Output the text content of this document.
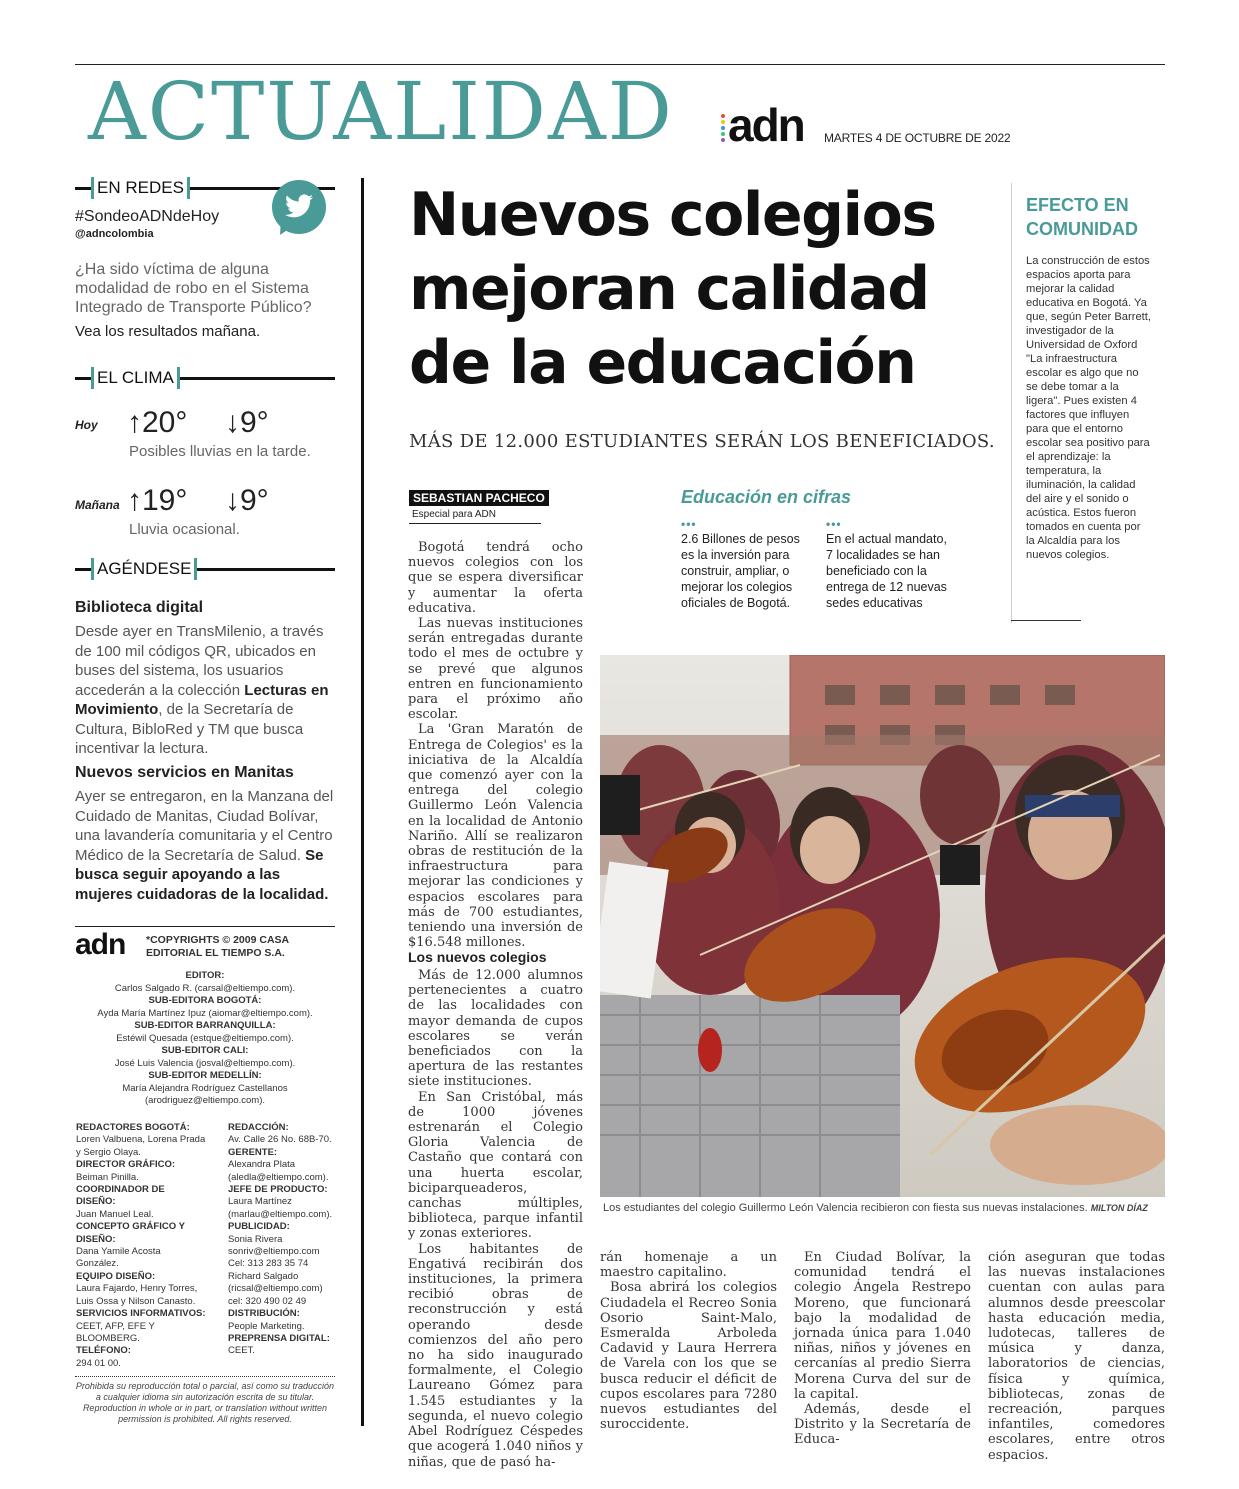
ACTUALIDAD adn MARTES 4 DE OCTUBRE DE 2022
EN REDES
#SondeoADNdeHoy
@adncolombia
¿Ha sido víctima de alguna modalidad de robo en el Sistema Integrado de Transporte Público?
Vea los resultados mañana.
EL CLIMA
Hoy ↑20° ↓9°
Posibles lluvias en la tarde.
Mañana ↑19° ↓9°
Lluvia ocasional.
AGÉNDESE
Biblioteca digital
Desde ayer en TransMilenio, a través de 100 mil códigos QR, ubicados en buses del sistema, los usuarios accederán a la colección Lecturas en Movimiento, de la Secretaría de Cultura, BibloRed y TM que busca incentivar la lectura.
Nuevos servicios en Manitas
Ayer se entregaron, en la Manzana del Cuidado de Manitas, Ciudad Bolívar, una lavandería comunitaria y el Centro Médico de la Secretaría de Salud. Se busca seguir apoyando a las mujeres cuidadoras de la localidad.
adn *COPYRIGHTS © 2009 CASA
EDITORIAL EL TIEMPO S.A.
EDITOR:
Carlos Salgado R. (carsal@eltiempo.com).
SUB-EDITORA BOGOTÁ:
Ayda María Martínez Ipuz (aiomar@eltiempo.com).
SUB-EDITOR BARRANQUILLA:
Estéwil Quesada (estque@eltiempo.com).
SUB-EDITOR CALI:
José Luis Valencia (josval@eltiempo.com).
SUB-EDITOR MEDELLÍN:
María Alejandra Rodríguez Castellanos
(arodriguez@eltiempo.com).
REDACTORES BOGOTÁ:
Loren Valbuena, Lorena Prada y Sergio Olaya.
DIRECTOR GRÁFICO:
Beiman Pinilla.
COORDINADOR DE DISEÑO:
Juan Manuel Leal.
CONCEPTO GRÁFICO Y DISEÑO:
Dana Yamile Acosta González.
EQUIPO DISEÑO:
Laura Fajardo, Henry Torres, Luis Ossa y Nilson Canasto.
SERVICIOS INFORMATIVOS:
CEET, AFP, EFE Y BLOOMBERG.
TELÉFONO:
294 01 00.
REDACCIÓN:
Av. Calle 26 No. 68B-70.
GERENTE:
Alexandra Plata (aledla@eltiempo.com).
JEFE DE PRODUCTO:
Laura Martínez (marlau@eltiempo.com).
PUBLICIDAD:
Sonia Rivera sonriv@eltiempo.com Cel: 313 283 35 74 Richard Salgado (ricsal@eltiempo.com) cel: 320 490 02 49
DISTRIBUCIÓN:
People Marketing.
PREPRENSA DIGITAL:
CEET.
Prohibida su reproducción total o parcial, así como su traducción a cualquier idioma sin autorización escrita de su titular. Reproduction in whole or in part, or translation without written permission is prohibited. All rights reserved.
Nuevos colegios mejoran calidad de la educación
MÁS DE 12.000 ESTUDIANTES SERÁN LOS BENEFICIADOS.
EFECTO EN
COMUNIDAD
La construcción de estos espacios aporta para mejorar la calidad educativa en Bogotá. Ya que, según Peter Barrett, investigador de la Universidad de Oxford "La infraestructura escolar es algo que no se debe tomar a la ligera". Pues existen 4 factores que influyen para que el entorno escolar sea positivo para el aprendizaje: la temperatura, la iluminación, la calidad del aire y el sonido o acústica. Estos fueron tomados en cuenta por la Alcaldía para los nuevos colegios.
SEBASTIAN PACHECO
Especial para ADN
Educación en cifras
•••
2.6 Billones de pesos es la inversión para construir, ampliar, o mejorar los colegios oficiales de Bogotá.
•••
En el actual mandato, 7 localidades se han beneficiado con la entrega de 12 nuevas sedes educativas

Bogotá tendrá ocho nuevos colegios con los que se espera diversificar y aumentar la oferta educativa.

Las nuevas instituciones serán entregadas durante todo el mes de octubre y se prevé que algunos entren en funcionamiento para el próximo año escolar.

La 'Gran Maratón de Entrega de Colegios' es la iniciativa de la Alcaldía que comenzó ayer con la entrega del colegio Guillermo León Valencia en la localidad de Antonio Nariño. Allí se realizaron obras de restitución de la infraestructura para mejorar las condiciones y espacios escolares para más de 700 estudiantes, teniendo una inversión de $16.548 millones.

Los nuevos colegios

Más de 12.000 alumnos pertenecientes a cuatro de las localidades con mayor demanda de cupos escolares se verán beneficiados con la apertura de las restantes siete instituciones.

En San Cristóbal, más de 1000 jóvenes estrenarán el Colegio Gloria Valencia de Castaño que contará con una huerta escolar, biciparqueaderos, canchas múltiples, biblioteca, parque infantil y zonas exteriores.

Los habitantes de Engativá recibirán dos instituciones, la primera recibió obras de reconstrucción y está operando desde comienzos del año pero no ha sido inaugurado formalmente, el Colegio Laureano Gómez para 1.545 estudiantes y la segunda, el nuevo colegio Abel Rodríguez Céspedes que acogerá 1.040 niños y niñas, que de pasó ha-

Los estudiantes del colegio Guillermo León Valencia recibieron con fiesta sus nuevas instalaciones. MILTON DÍAZ

rán homenaje a un maestro capitalino.

Bosa abrirá los colegios Ciudadela el Recreo Sonia Osorio Saint-Malo, Esmeralda Arboleda Cadavid y Laura Herrera de Varela con los que se busca reducir el déficit de cupos escolares para 7280 nuevos estudiantes del suroccidente.

En Ciudad Bolívar, la comunidad tendrá el colegio Ángela Restrepo Moreno, que funcionará bajo la modalidad de jornada única para 1.040 niñas, niños y jóvenes en cercanías al predio Sierra Morena Curva del sur de la capital.

Además, desde el Distrito y la Secretaría de Educa-

ción aseguran que todas las nuevas instalaciones cuentan con aulas para alumnos desde preescolar hasta educación media, ludotecas, talleres de música y danza, laboratorios de ciencias, física y química, bibliotecas, zonas de recreación, parques infantiles, comedores escolares, entre otros espacios.
